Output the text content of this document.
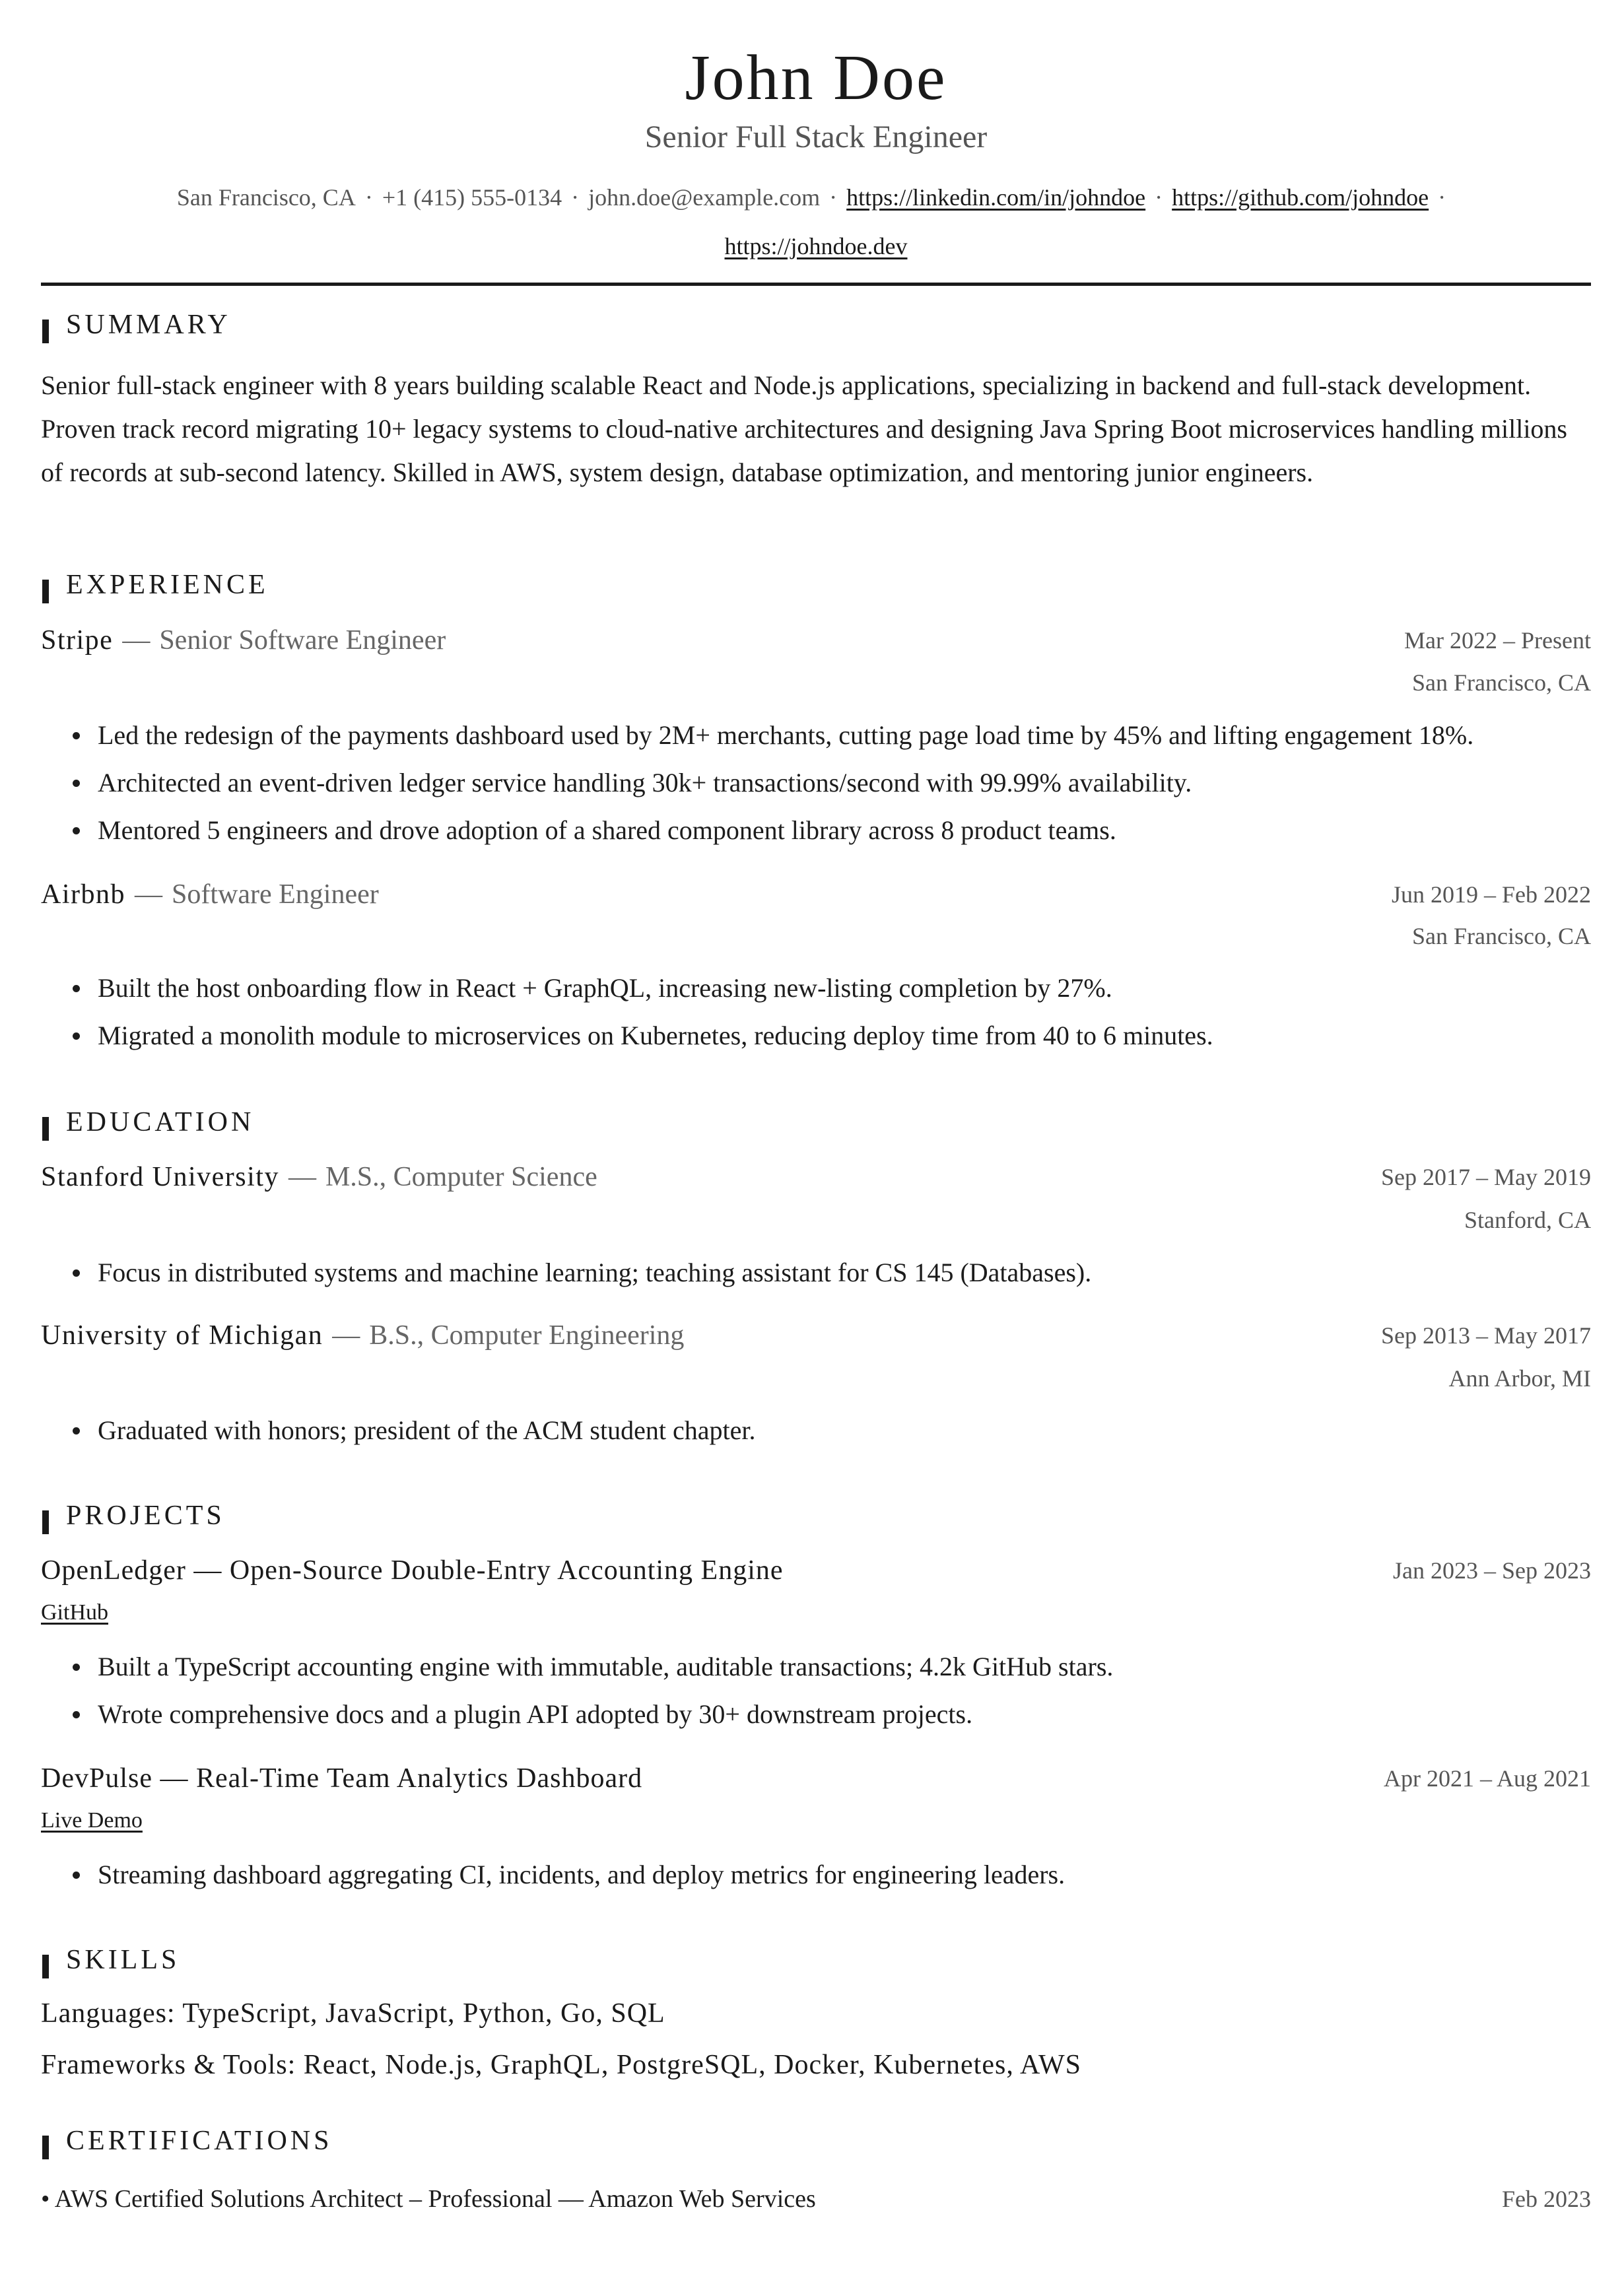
John Doe
Senior Full Stack Engineer
San Francisco, CA · +1 (415) 555-0134 · john.doe@example.com · https://linkedin.com/in/johndoe · https://github.com/johndoe ·
https://johndoe.dev
SUMMARY
Senior full-stack engineer with 8 years building scalable React and Node.js applications, specializing in backend and full-stack development. Proven track record migrating 10+ legacy systems to cloud-native architectures and designing Java Spring Boot microservices handling millions of records at sub-second latency. Skilled in AWS, system design, database optimization, and mentoring junior engineers.
EXPERIENCE
Stripe — Senior Software Engineer	Mar 2022 – Present
San Francisco, CA
Led the redesign of the payments dashboard used by 2M+ merchants, cutting page load time by 45% and lifting engagement 18%.
Architected an event-driven ledger service handling 30k+ transactions/second with 99.99% availability.
Mentored 5 engineers and drove adoption of a shared component library across 8 product teams.
Airbnb — Software Engineer	Jun 2019 – Feb 2022
San Francisco, CA
Built the host onboarding flow in React + GraphQL, increasing new-listing completion by 27%.
Migrated a monolith module to microservices on Kubernetes, reducing deploy time from 40 to 6 minutes.
EDUCATION
Stanford University — M.S., Computer Science	Sep 2017 – May 2019
Stanford, CA
Focus in distributed systems and machine learning; teaching assistant for CS 145 (Databases).
University of Michigan — B.S., Computer Engineering	Sep 2013 – May 2017
Ann Arbor, MI
Graduated with honors; president of the ACM student chapter.
PROJECTS
OpenLedger — Open-Source Double-Entry Accounting Engine	Jan 2023 – Sep 2023
GitHub
Built a TypeScript accounting engine with immutable, auditable transactions; 4.2k GitHub stars.
Wrote comprehensive docs and a plugin API adopted by 30+ downstream projects.
DevPulse — Real-Time Team Analytics Dashboard	Apr 2021 – Aug 2021
Live Demo
Streaming dashboard aggregating CI, incidents, and deploy metrics for engineering leaders.
SKILLS
Languages: TypeScript, JavaScript, Python, Go, SQL
Frameworks & Tools: React, Node.js, GraphQL, PostgreSQL, Docker, Kubernetes, AWS
CERTIFICATIONS
• AWS Certified Solutions Architect – Professional — Amazon Web Services	Feb 2023
